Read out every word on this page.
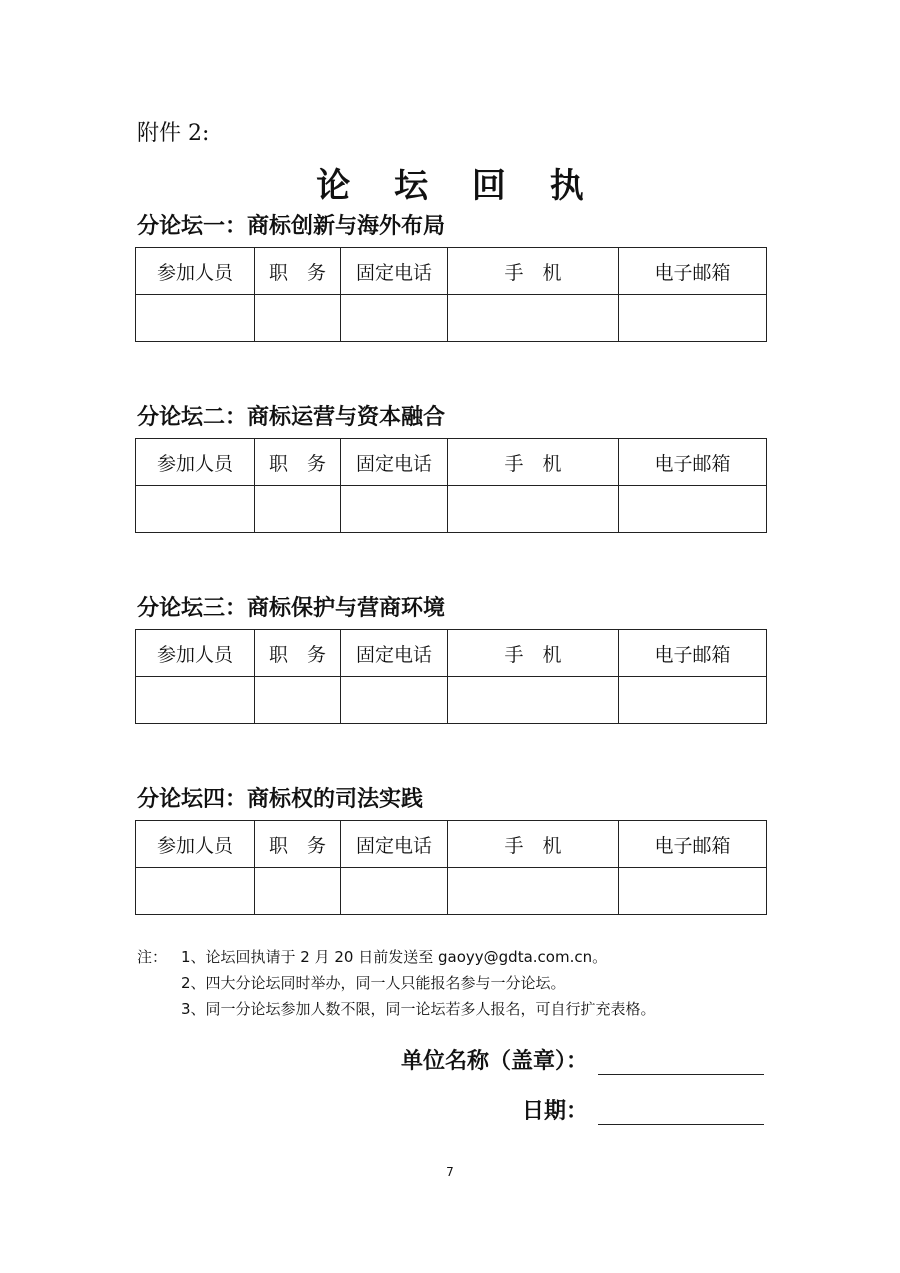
附件 2:
论 坛 回 执
分论坛一：商标创新与海外布局
参加人员	职　务	固定电话	手　机	电子邮箱

分论坛二：商标运营与资本融合
参加人员	职　务	固定电话	手　机	电子邮箱

分论坛三：商标保护与营商环境
参加人员	职　务	固定电话	手　机	电子邮箱

分论坛四：商标权的司法实践
参加人员	职　务	固定电话	手　机	电子邮箱

注： 1、论坛回执请于 2 月 20 日前发送至 gaoyy@gdta.com.cn。
2、四大分论坛同时举办，同一人只能报名参与一分论坛。
3、同一分论坛参加人数不限，同一论坛若多人报名，可自行扩充表格。
单位名称（盖章）：
日期：
7
